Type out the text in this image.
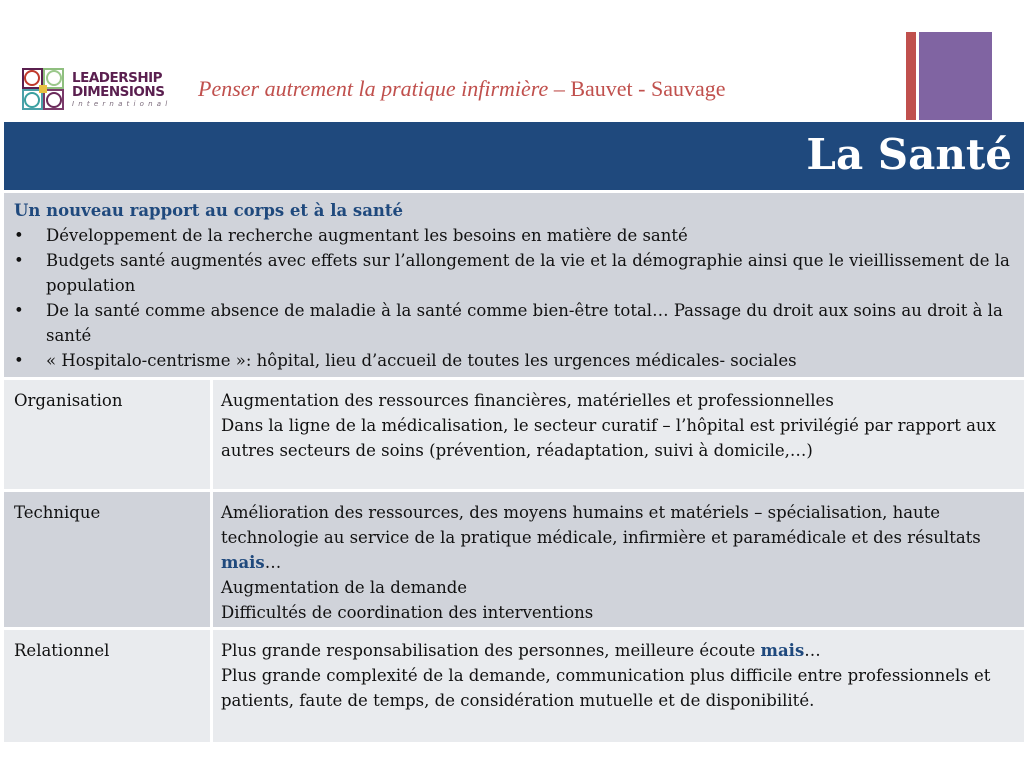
LEADERSHIP
DIMENSIONS
International
Penser autrement la pratique infirmière – Bauvet - Sauvage
La Santé
Un nouveau rapport au corps et à la santé
• Développement de la recherche augmentant les besoins en matière de santé
• Budgets santé augmentés avec effets sur l’allongement de la vie et la démographie ainsi que le vieillissement de la population
• De la santé comme absence de maladie à la santé comme bien-être total… Passage du droit aux soins au droit à la santé
• « Hospitalo-centrisme »: hôpital, lieu d’accueil de toutes les urgences médicales- sociales
Organisation	Augmentation des ressources financières, matérielles et professionnelles
Dans la ligne de la médicalisation, le secteur curatif – l’hôpital est privilégié par rapport aux autres secteurs de soins (prévention, réadaptation, suivi à domicile,…)
Technique	Amélioration des ressources, des moyens humains et matériels – spécialisation, haute technologie au service de la pratique médicale, infirmière et paramédicale et des résultats mais…
Augmentation de la demande
Difficultés de coordination des interventions
Relationnel	Plus grande responsabilisation des personnes, meilleure écoute mais…
Plus grande complexité de la demande, communication plus difficile entre professionnels et patients, faute de temps, de considération mutuelle et de disponibilité.
